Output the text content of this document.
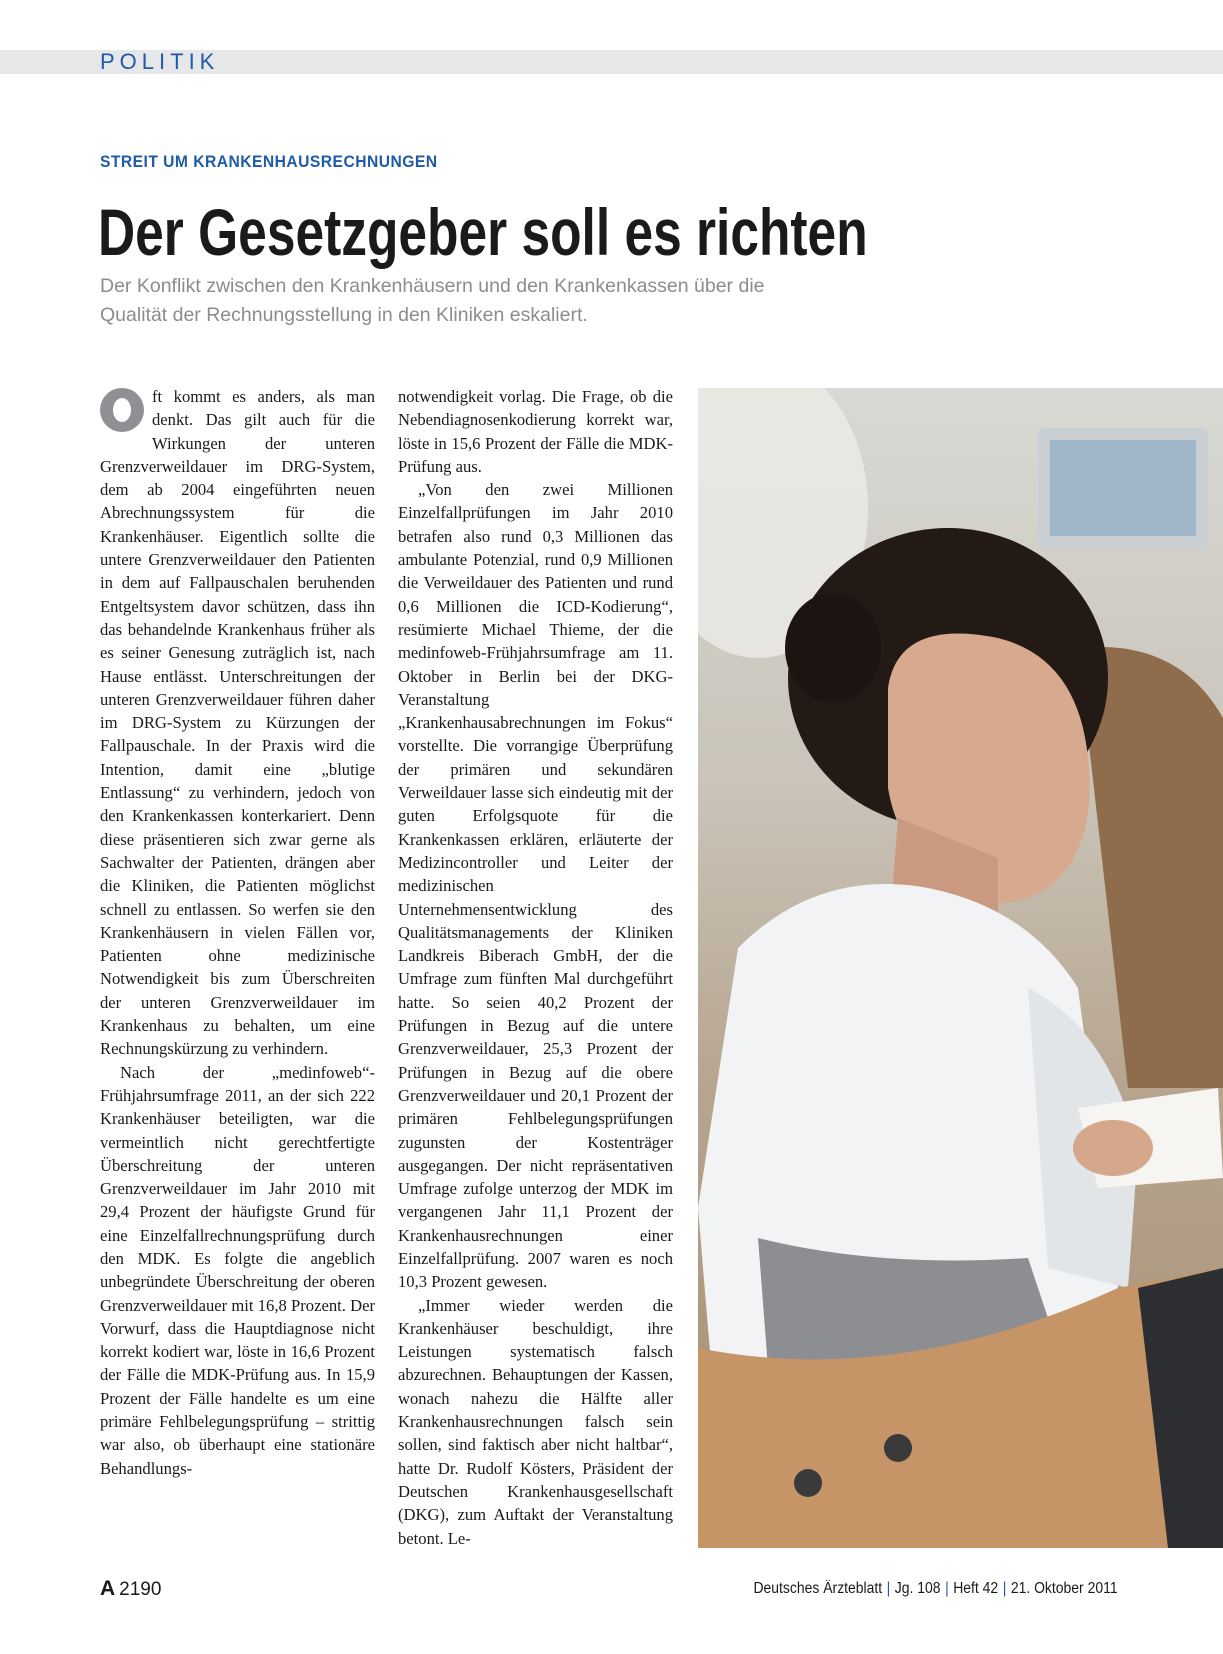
POLITIK
STREIT UM KRANKENHAUSRECHNUNGEN
Der Gesetzgeber soll es richten
Der Konflikt zwischen den Krankenhäusern und den Krankenkassen über die Qualität der Rechnungsstellung in den Kliniken eskaliert.

ft kommt es anders, als man denkt. Das gilt auch für die Wirkungen der unteren Grenzverweildauer im DRG-System, dem ab 2004 eingeführten neuen Abrechnungssystem für die Krankenhäuser. Eigentlich sollte die untere Grenzverweildauer den Patienten in dem auf Fallpauschalen beruhenden Entgeltsystem davor schützen, dass ihn das behandelnde Krankenhaus früher als es seiner Genesung zuträglich ist, nach Hause entlässt. Unterschreitungen der unteren Grenzverweildauer führen daher im DRG-System zu Kürzungen der Fallpauschale. In der Praxis wird die Intention, damit eine „blutige Entlassung“ zu verhindern, jedoch von den Krankenkassen konterkariert. Denn diese präsentieren sich zwar gerne als Sachwalter der Patienten, drängen aber die Kliniken, die Patienten möglichst schnell zu entlassen. So werfen sie den Krankenhäusern in vielen Fällen vor, Patienten ohne medizinische Notwendigkeit bis zum Überschreiten der unteren Grenzverweildauer im Krankenhaus zu behalten, um eine Rechnungskürzung zu verhindern.

Nach der „medinfoweb“-Frühjahrsumfrage 2011, an der sich 222 Krankenhäuser beteiligten, war die vermeintlich nicht gerechtfertigte Überschreitung der unteren Grenzverweildauer im Jahr 2010 mit 29,4 Prozent der häufigste Grund für eine Einzelfallrechnungsprüfung durch den MDK. Es folgte die angeblich unbegründete Überschreitung der oberen Grenzverweildauer mit 16,8 Prozent. Der Vorwurf, dass die Hauptdiagnose nicht korrekt kodiert war, löste in 16,6 Prozent der Fälle die MDK-Prüfung aus. In 15,9 Prozent der Fälle handelte es um eine primäre Fehlbelegungsprüfung – strittig war also, ob überhaupt eine stationäre Behandlungs-

notwendigkeit vorlag. Die Frage, ob die Nebendiagnosenkodierung korrekt war, löste in 15,6 Prozent der Fälle die MDK-Prüfung aus.

„Von den zwei Millionen Einzelfallprüfungen im Jahr 2010 betrafen also rund 0,3 Millionen das ambulante Potenzial, rund 0,9 Millionen die Verweildauer des Patienten und rund 0,6 Millionen die ICD-Kodierung“, resümierte Michael Thieme, der die medinfoweb-Frühjahrsumfrage am 11. Oktober in Berlin bei der DKG-Veranstaltung „Krankenhausabrechnungen im Fokus“ vorstellte. Die vorrangige Überprüfung der primären und sekundären Verweildauer lasse sich eindeutig mit der guten Erfolgsquote für die Krankenkassen erklären, erläuterte der Medizincontroller und Leiter der medizinischen Unternehmensentwicklung des Qualitätsmanagements der Kliniken Landkreis Biberach GmbH, der die Umfrage zum fünften Mal durchgeführt hatte. So seien 40,2 Prozent der Prüfungen in Bezug auf die untere Grenzverweildauer, 25,3 Prozent der Prüfungen in Bezug auf die obere Grenzverweildauer und 20,1 Prozent der primären Fehlbelegungsprüfungen zugunsten der Kostenträger ausgegangen. Der nicht repräsentativen Umfrage zufolge unterzog der MDK im vergangenen Jahr 11,1 Prozent der Krankenhausrechnungen einer Einzelfallprüfung. 2007 waren es noch 10,3 Prozent gewesen.

„Immer wieder werden die Krankenhäuser beschuldigt, ihre Leistungen systematisch falsch abzurechnen. Behauptungen der Kassen, wonach nahezu die Hälfte aller Krankenhausrechnungen falsch sein sollen, sind faktisch aber nicht haltbar“, hatte Dr. Rudolf Kösters, Präsident der Deutschen Krankenhausgesellschaft (DKG), zum Auftakt der Veranstaltung betont. Le-

A 2190	Deutsches Ärzteblatt | Jg. 108 | Heft 42 | 21. Oktober 2011
